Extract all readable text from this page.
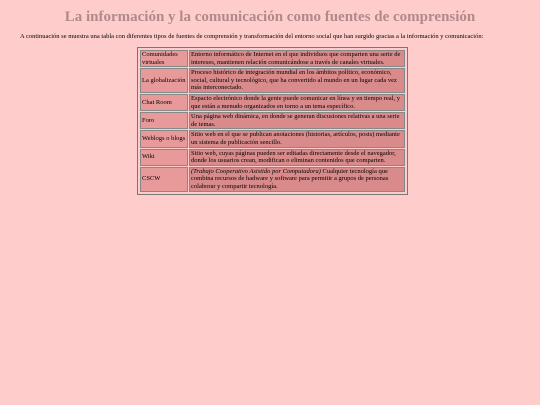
La información y la comunicación como fuentes de comprensión

A continuación se muestra una tabla con diferentes tipos de fuentes de comprensión y transformación del entorno social que han surgido gracias a la información y comunicación:

Comunidades virtuales	Entorno informático de Internet en el que individuos que comparten una serie de intereses, mantienen relación comunicándose a través de canales virtuales.
La globalización	Proceso histórico de integración mundial en los ámbitos político, económico, social, cultural y tecnológico, que ha convertido al mundo en un lugar cada vez más interconectado.
Chat Room	Espacio electrónico donde la gente puede comunicar en línea y en tiempo real, y que están a menudo organizados en torno a un tema específico.
Foro	Una página web dinámica, en donde se generan discusiones relativas a una serie de temas.
Weblogs o blogs	Sitio web en el que se publican anotaciones (historias, artículos, posts) mediante un sistema de publicación sencillo.
Wiki	Sitio web, cuyas páginas pueden ser editadas directamente desde el navegador, donde los usuarios crean, modifican o eliminan contenidos que comparten.
CSCW	(Trabajo Cooperativo Asistido por Computadora) Cualquier tecnología que combina recursos de hadware y software para permitir a grupos de personas colaborar y compartir tecnología.
